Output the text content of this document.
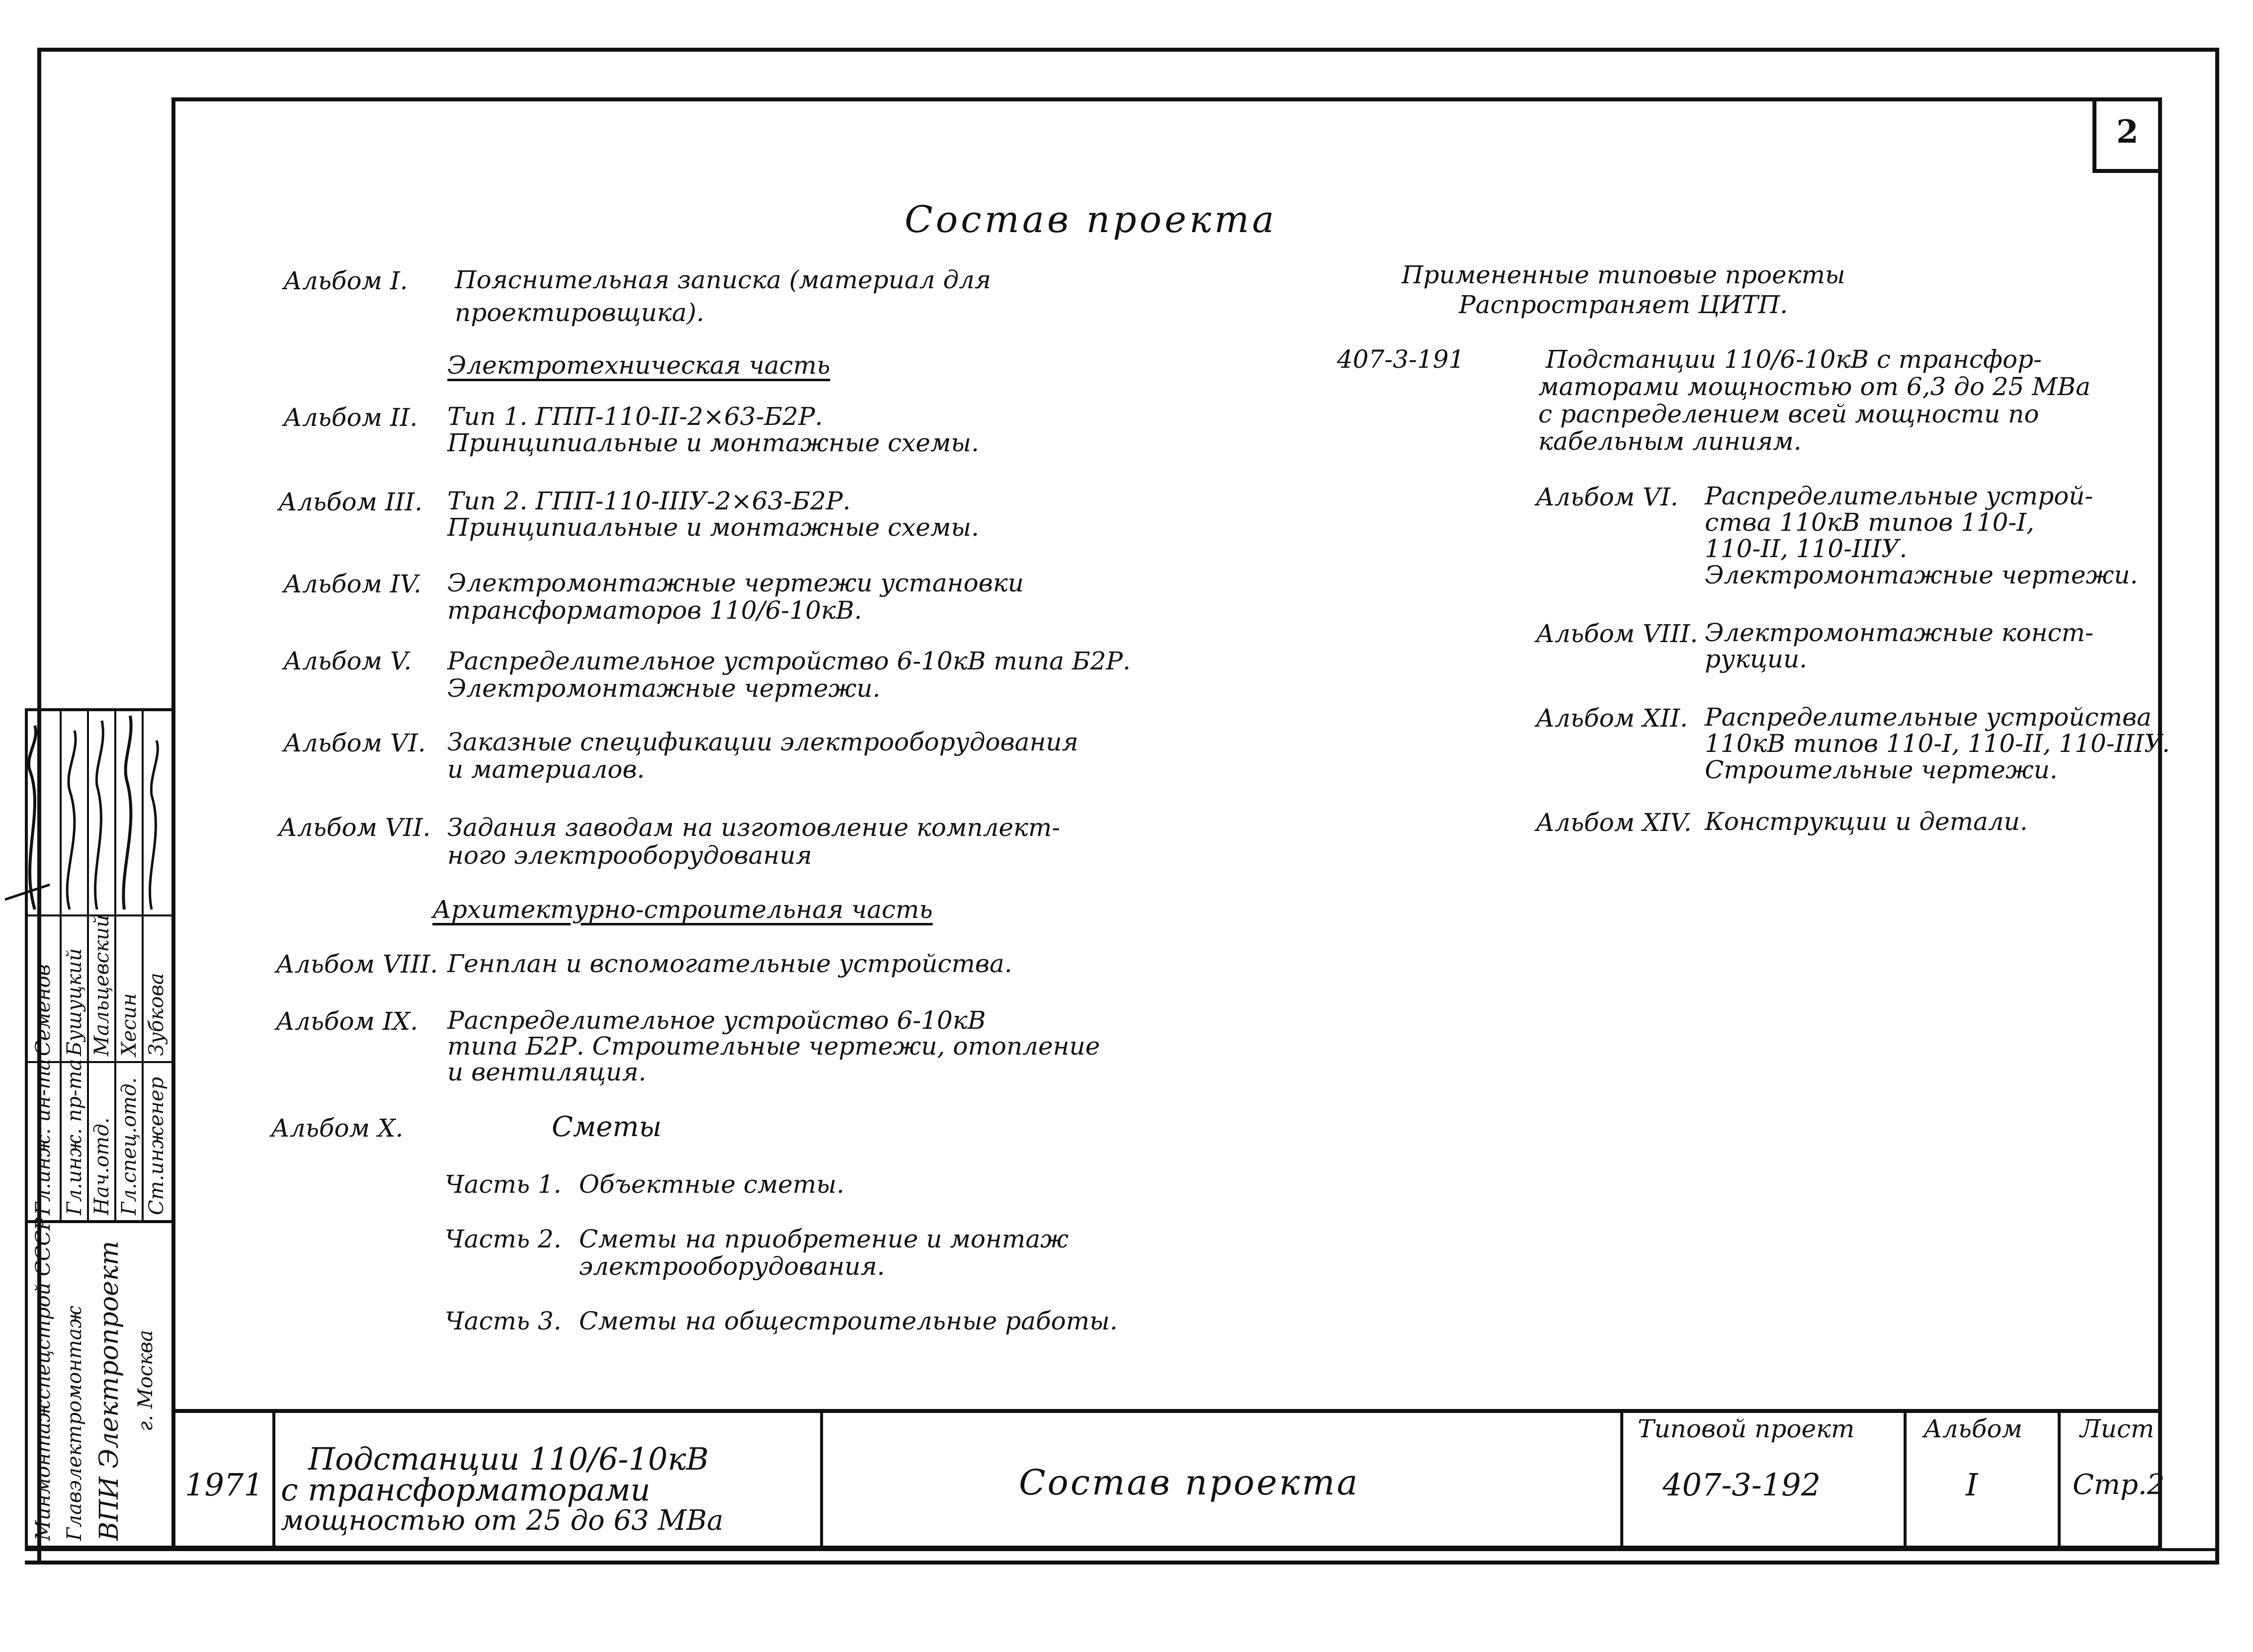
2
Состав проекта
Альбом I. Пояснительная записка (материал для
проектировщика).
Электротехническая часть
Альбом II. Тип 1. ГПП-110-II-2×63-Б2Р.
Принципиальные и монтажные схемы.
Альбом III. Тип 2. ГПП-110-IIIУ-2×63-Б2Р.
Принципиальные и монтажные схемы.
Альбом IV. Электромонтажные чертежи установки
трансформаторов 110/6-10кВ.
Альбом V. Распределительное устройство 6-10кВ типа Б2Р.
Электромонтажные чертежи.
Альбом VI. Заказные спецификации электрооборудования
и материалов.
Альбом VII. Задания заводам на изготовление комплект-
ного электрооборудования
Архитектурно-строительная часть
Альбом VIII. Генплан и вспомогательные устройства.
Альбом IX. Распределительное устройство 6-10кВ
типа Б2Р. Строительные чертежи, отопление
и вентиляция.
Альбом X.	Сметы
Часть 1. Объектные сметы.
Часть 2. Сметы на приобретение и монтаж
электрооборудования.
Часть 3. Сметы на общестроительные работы.
Примененные типовые проекты
Распространяет ЦИТП.
407-3-191	Подстанции 110/6-10кВ с трансфор-
маторами мощностью от 6,3 до 25 МВа
с распределением всей мощности по
кабельным линиям.
Альбом VI. Распределительные устрой-
ства 110кВ типов 110-I,
110-II, 110-IIIУ.
Электромонтажные чертежи.
Альбом VIII. Электромонтажные конст-
рукции.
Альбом XII. Распределительные устройства
110кВ типов 110-I, 110-II, 110-IIIУ.
Строительные чертежи.
Альбом XIV. Конструкции и детали.
1971
Подстанции 110/6-10кВ
с трансформаторами
мощностью от 25 до 63 МВа
Состав проекта
Типовой проект
407-3-192
Альбом
I
Лист
Стр.2
Гл.инж. ин-та Гл.инж. пр-та Нач.отд. Гл.спец.отд. Ст.инженер
Семенов Бушуцкий Мальцевский Хесин Зубкова
Минмонтажспецстрой СССР Главэлектромонтаж ВПИ Электропроект г. Москва
